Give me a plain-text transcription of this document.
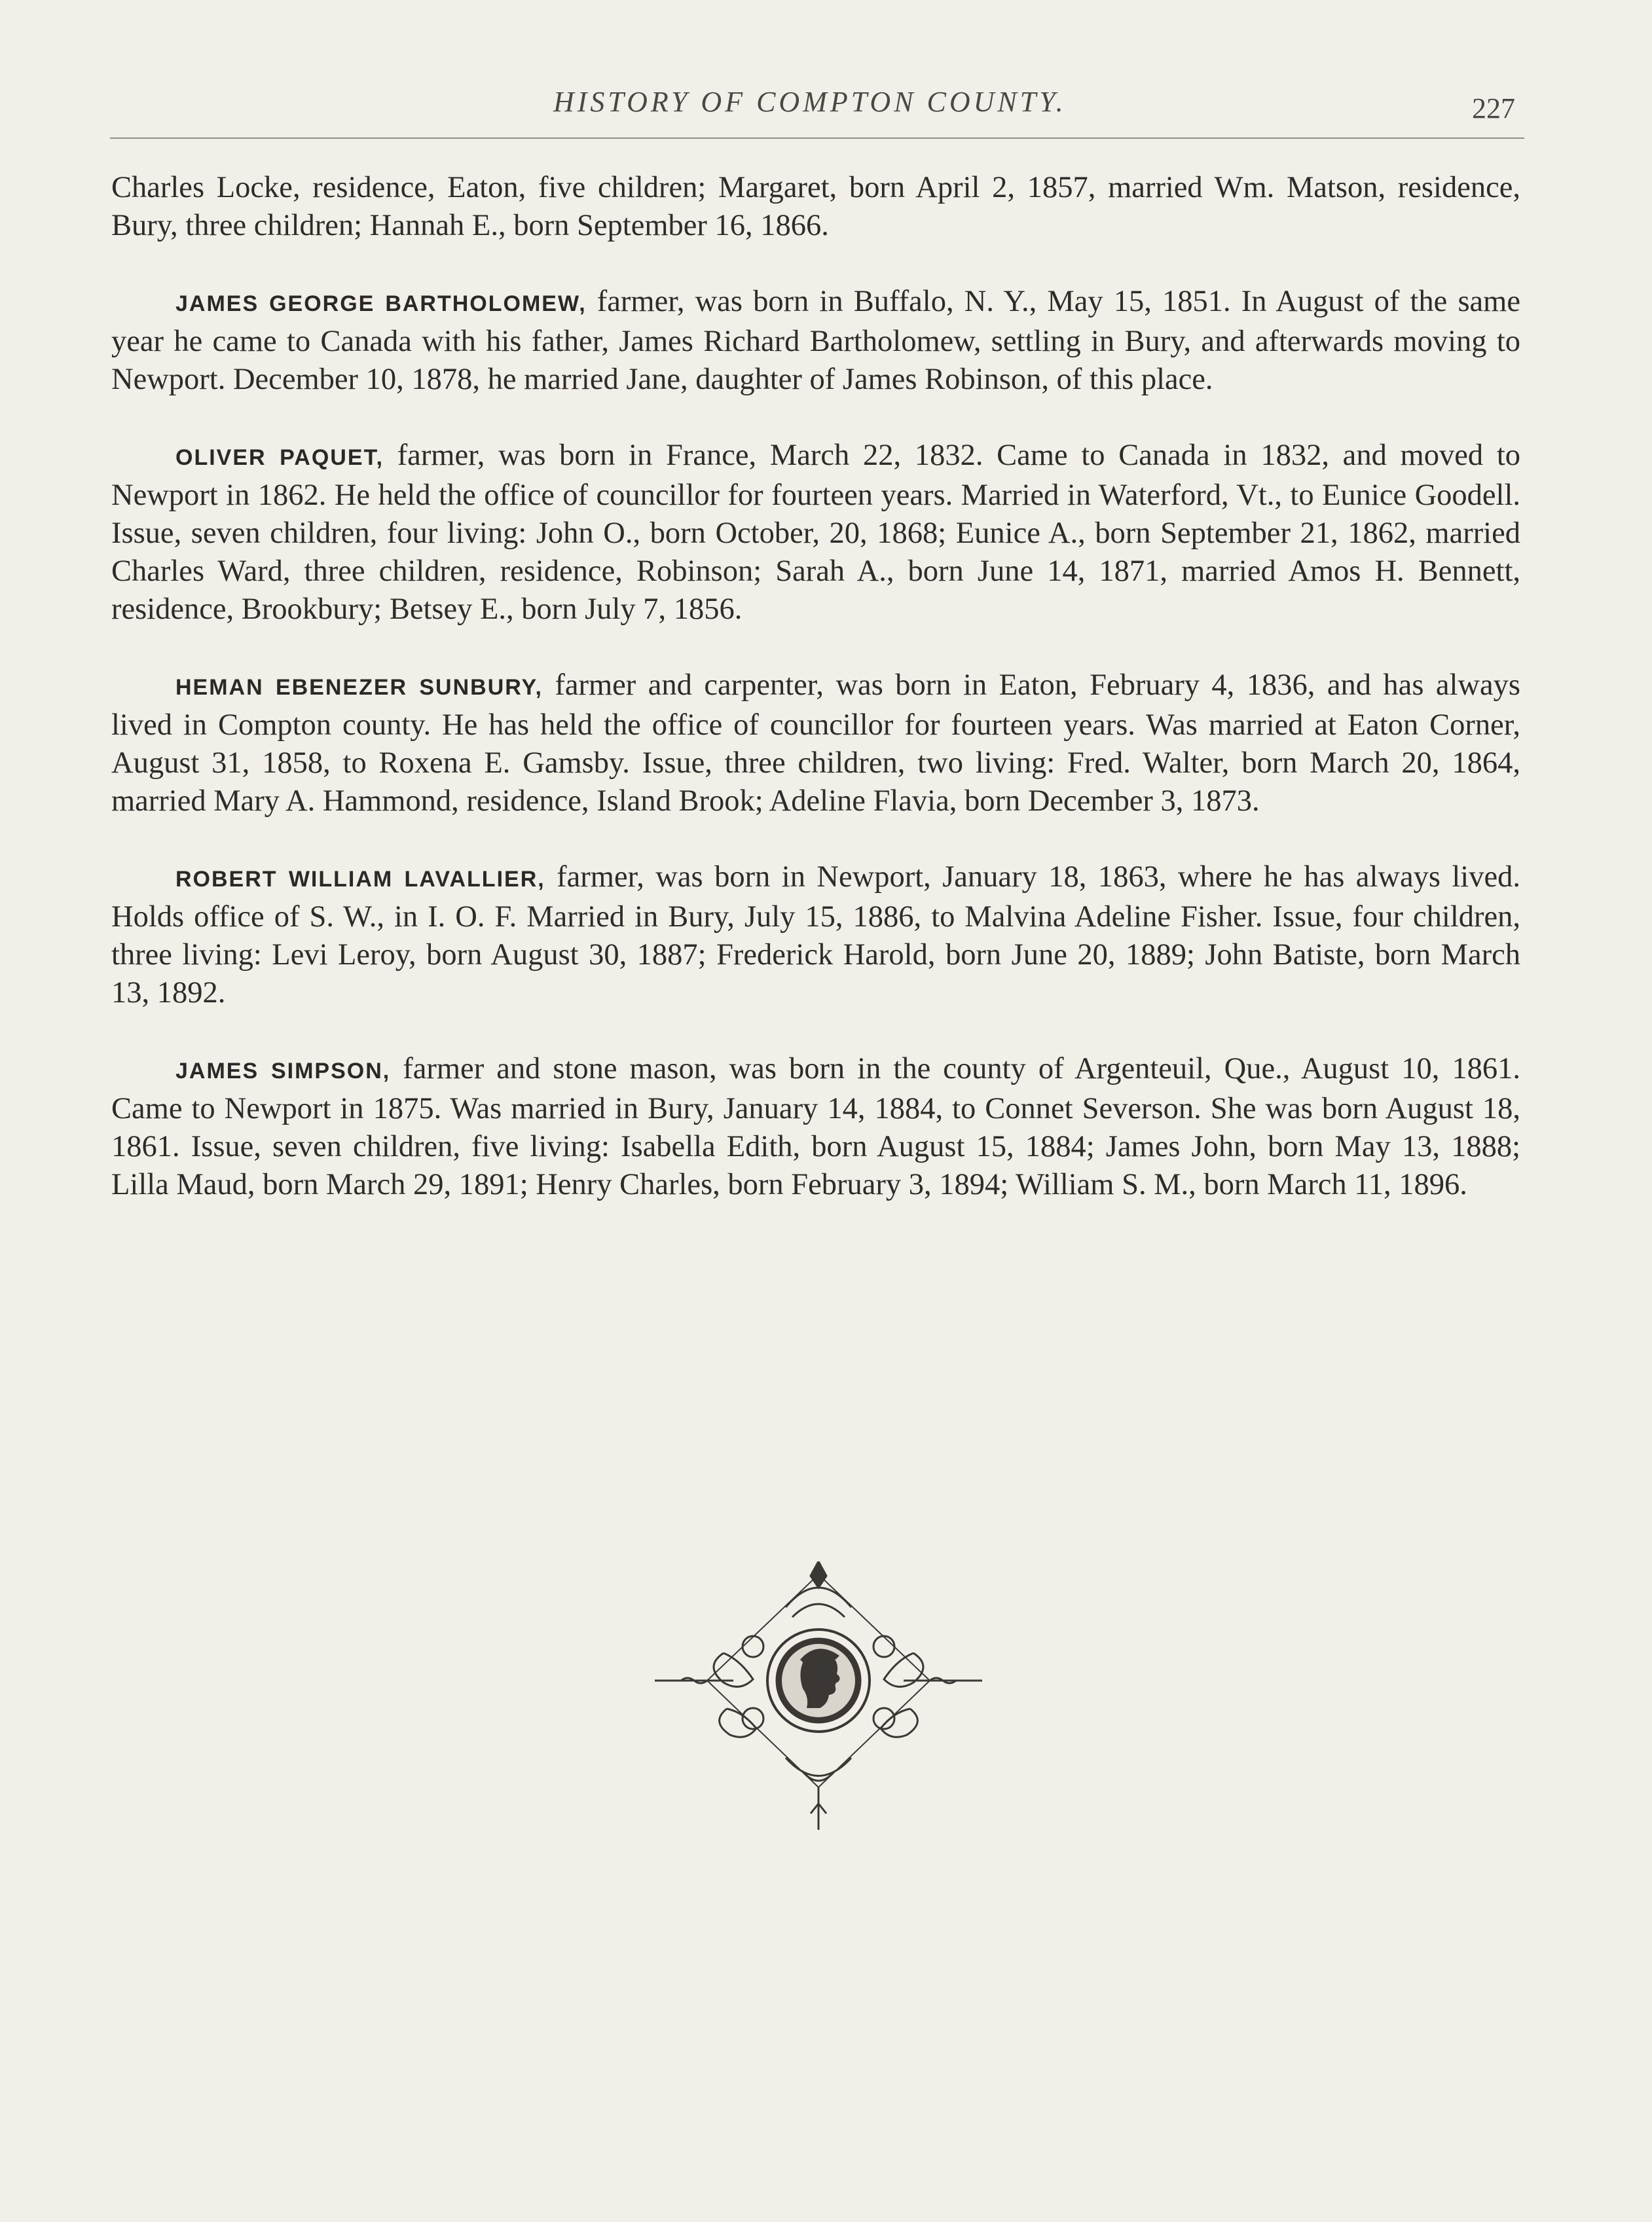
HISTORY OF COMPTON COUNTY.	227

Charles Locke, residence, Eaton, five children; Margaret, born April 2, 1857, married Wm. Matson, residence, Bury, three children; Hannah E., born September 16, 1866.

JAMES GEORGE BARTHOLOMEW, farmer, was born in Buffalo, N. Y., May 15, 1851. In August of the same year he came to Canada with his father, James Richard Bartholomew, settling in Bury, and afterwards moving to Newport. December 10, 1878, he married Jane, daughter of James Robinson, of this place.

OLIVER PAQUET, farmer, was born in France, March 22, 1832. Came to Canada in 1832, and moved to Newport in 1862. He held the office of councillor for fourteen years. Married in Waterford, Vt., to Eunice Goodell. Issue, seven children, four living: John O., born October, 20, 1868; Eunice A., born September 21, 1862, married Charles Ward, three children, residence, Robinson; Sarah A., born June 14, 1871, married Amos H. Bennett, residence, Brookbury; Betsey E., born July 7, 1856.

HEMAN EBENEZER SUNBURY, farmer and carpenter, was born in Eaton, February 4, 1836, and has always lived in Compton county. He has held the office of councillor for fourteen years. Was married at Eaton Corner, August 31, 1858, to Roxena E. Gamsby. Issue, three children, two living: Fred. Walter, born March 20, 1864, married Mary A. Hammond, residence, Island Brook; Adeline Flavia, born December 3, 1873.

ROBERT WILLIAM LAVALLIER, farmer, was born in Newport, January 18, 1863, where he has always lived. Holds office of S. W., in I. O. F. Married in Bury, July 15, 1886, to Malvina Adeline Fisher. Issue, four children, three living: Levi Leroy, born August 30, 1887; Frederick Harold, born June 20, 1889; John Batiste, born March 13, 1892.

JAMES SIMPSON, farmer and stone mason, was born in the county of Argenteuil, Que., August 10, 1861. Came to Newport in 1875. Was married in Bury, January 14, 1884, to Connet Severson. She was born August 18, 1861. Issue, seven children, five living: Isabella Edith, born August 15, 1884; James John, born May 13, 1888; Lilla Maud, born March 29, 1891; Henry Charles, born February 3, 1894; William S. M., born March 11, 1896.
